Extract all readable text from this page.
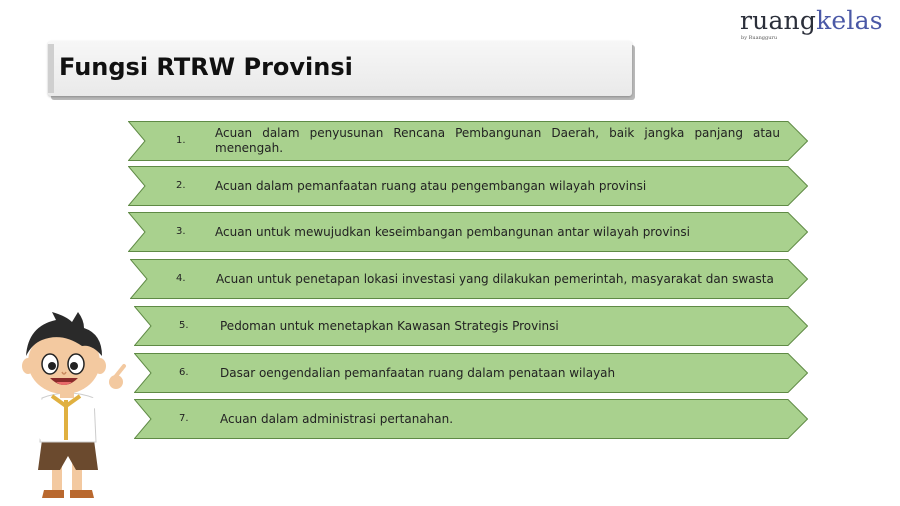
ruangkelas
by Ruangguru
Fungsi RTRW Provinsi
1.
Acuan dalam penyusunan Rencana Pembangunan Daerah, baik jangka panjang atau menengah.
2. Acuan dalam pemanfaatan ruang atau pengembangan wilayah provinsi
3. Acuan untuk mewujudkan keseimbangan pembangunan antar wilayah provinsi
4.	Acuan untuk penetapan lokasi investasi yang dilakukan pemerintah, masyarakat dan swasta
5.	Pedoman untuk menetapkan Kawasan Strategis Provinsi
6.	Dasar oengendalian pemanfaatan ruang dalam penataan wilayah
7.	Acuan dalam administrasi pertanahan.
